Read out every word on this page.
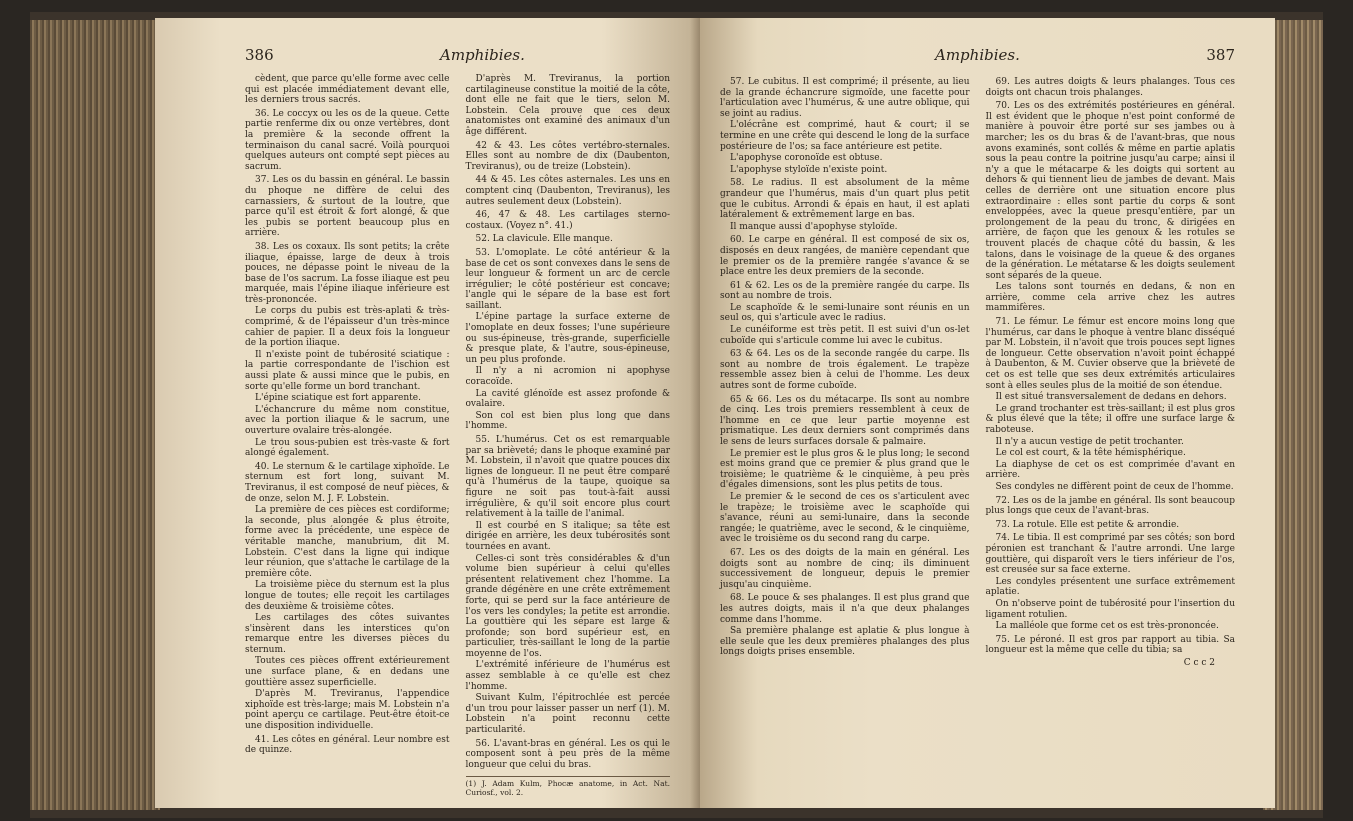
386	Amphibies.

cèdent, que parce qu'elle forme avec celle qui est placée immédiatement devant elle, les derniers trous sacrés.

36. Le coccyx ou les os de la queue. Cette partie renferme dix ou onze vertèbres, dont la première & la seconde offrent la terminaison du canal sacré. Voilà pourquoi quelques auteurs ont compté sept pièces au sacrum.

37. Les os du bassin en général. Le bassin du phoque ne diffère de celui des carnassiers, & surtout de la loutre, que parce qu'il est étroit & fort alongé, & que les pubis se portent beaucoup plus en arrière.

38. Les os coxaux. Ils sont petits; la crête iliaque, épaisse, large de deux à trois pouces, ne dépasse point le niveau de la base de l'os sacrum. La fosse iliaque est peu marquée, mais l'épine iliaque inférieure est très-prononcée.

Le corps du pubis est très-aplati & très-comprimé, & de l'épaisseur d'un très-mince cahier de papier. Il a deux fois la longueur de la portion iliaque.

Il n'existe point de tubérosité sciatique : la partie correspondante de l'ischion est aussi plate & aussi mince que le pubis, en sorte qu'elle forme un bord tranchant.

L'épine sciatique est fort apparente.

L'échancrure du même nom constitue, avec la portion iliaque & le sacrum, une ouverture ovalaire très-alongée.

Le trou sous-pubien est très-vaste & fort alongé également.

40. Le sternum & le cartilage xiphoïde. Le sternum est fort long, suivant M. Treviranus, il est composé de neuf pièces, & de onze, selon M. J. F. Lobstein.

La première de ces pièces est cordiforme; la seconde, plus alongée & plus étroite, forme avec la précédente, une espèce de véritable manche, manubrium, dit M. Lobstein. C'est dans la ligne qui indique leur réunion, que s'attache le cartilage de la première côte.

La troisième pièce du sternum est la plus longue de toutes; elle reçoit les cartilages des deuxième & troisième côtes.

Les cartilages des côtes suivantes s'insèrent dans les interstices qu'on remarque entre les diverses pièces du sternum.

Toutes ces pièces offrent extérieurement une surface plane, & en dedans une gouttière assez superficielle.

D'après M. Treviranus, l'appendice xiphoïde est très-large; mais M. Lobstein n'a point aperçu ce cartilage. Peut-être étoit-ce une disposition individuelle.

41. Les côtes en général. Leur nombre est de quinze.

D'après M. Treviranus, la portion cartilagineuse constitue la moitié de la côte, dont elle ne fait que le tiers, selon M. Lobstein. Cela prouve que ces deux anatomistes ont examiné des animaux d'un âge différent.

42 & 43. Les côtes vertébro-sternales. Elles sont au nombre de dix (Daubenton, Treviranus), ou de treize (Lobstein).

44 & 45. Les côtes asternales. Les uns en comptent cinq (Daubenton, Treviranus), les autres seulement deux (Lobstein).

46, 47 & 48. Les cartilages sterno-costaux. (Voyez n°. 41.)

52. La clavicule. Elle manque.

53. L'omoplate. Le côté antérieur & la base de cet os sont convexes dans le sens de leur longueur & forment un arc de cercle irrégulier; le côté postérieur est concave; l'angle qui le sépare de la base est fort saillant.

L'épine partage la surface externe de l'omoplate en deux fosses; l'une supérieure ou sus-épineuse, très-grande, superficielle & presque plate, & l'autre, sous-épineuse, un peu plus profonde.

Il n'y a ni acromion ni apophyse coracoïde.

La cavité glénoïde est assez profonde & ovalaire.

Son col est bien plus long que dans l'homme.

55. L'humérus. Cet os est remarquable par sa brièveté; dans le phoque examiné par M. Lobstein, il n'avoit que quatre pouces dix lignes de longueur. Il ne peut être comparé qu'à l'humérus de la taupe, quoique sa figure ne soit pas tout-à-fait aussi irrégulière, & qu'il soit encore plus court relativement à la taille de l'animal.

Il est courbé en S italique; sa tête est dirigée en arrière, les deux tubérosités sont tournées en avant.

Celles-ci sont très considérables & d'un volume bien supérieur à celui qu'elles présentent relativement chez l'homme. La grande dégénère en une crête extrêmement forte, qui se perd sur la face antérieure de l'os vers les condyles; la petite est arrondie. La gouttière qui les sépare est large & profonde; son bord supérieur est, en particulier, très-saillant le long de la partie moyenne de l'os.

L'extrémité inférieure de l'humérus est assez semblable à ce qu'elle est chez l'homme.

Suivant Kulm, l'épitrochlée est percée d'un trou pour laisser passer un nerf (1). M. Lobstein n'a point reconnu cette particularité.

56. L'avant-bras en général. Les os qui le composent sont à peu près de la même longueur que celui du bras.

(1) J. Adam Kulm, Phocæ anatome, in Act. Nat. Curiosf., vol. 2.
Amphibies.	387

57. Le cubitus. Il est comprimé; il présente, au lieu de la grande échancrure sigmoïde, une facette pour l'articulation avec l'humérus, & une autre oblique, qui se joint au radius.

L'olécrâne est comprimé, haut & court; il se termine en une crête qui descend le long de la surface postérieure de l'os; sa face antérieure est petite.

L'apophyse coronoïde est obtuse.

L'apophyse styloïde n'existe point.

58. Le radius. Il est absolument de la même grandeur que l'humérus, mais d'un quart plus petit que le cubitus. Arrondi & épais en haut, il est aplati latéralement & extrêmement large en bas.

Il manque aussi d'apophyse styloïde.

60. Le carpe en général. Il est composé de six os, disposés en deux rangées, de manière cependant que le premier os de la première rangée s'avance & se place entre les deux premiers de la seconde.

61 & 62. Les os de la première rangée du carpe. Ils sont au nombre de trois.

Le scaphoïde & le semi-lunaire sont réunis en un seul os, qui s'articule avec le radius.

Le cunéiforme est très petit. Il est suivi d'un os-let cuboïde qui s'articule comme lui avec le cubitus.

63 & 64. Les os de la seconde rangée du carpe. Ils sont au nombre de trois également. Le trapèze ressemble assez bien à celui de l'homme. Les deux autres sont de forme cuboïde.

65 & 66. Les os du métacarpe. Ils sont au nombre de cinq. Les trois premiers ressemblent à ceux de l'homme en ce que leur partie moyenne est prismatique. Les deux derniers sont comprimés dans le sens de leurs surfaces dorsale & palmaire.

Le premier est le plus gros & le plus long; le second est moins grand que ce premier & plus grand que le troisième; le quatrième & le cinquième, à peu près d'égales dimensions, sont les plus petits de tous.

Le premier & le second de ces os s'articulent avec le trapèze; le troisième avec le scaphoïde qui s'avance, réuni au semi-lunaire, dans la seconde rangée; le quatrième, avec le second, & le cinquième, avec le troisième os du second rang du carpe.

67. Les os des doigts de la main en général. Les doigts sont au nombre de cinq; ils diminuent successivement de longueur, depuis le premier jusqu'au cinquième.

68. Le pouce & ses phalanges. Il est plus grand que les autres doigts, mais il n'a que deux phalanges comme dans l'homme.

Sa première phalange est aplatie & plus longue à elle seule que les deux premières phalanges des plus longs doigts prises ensemble.

69. Les autres doigts & leurs phalanges. Tous ces doigts ont chacun trois phalanges.

70. Les os des extrémités postérieures en général. Il est évident que le phoque n'est point conformé de manière à pouvoir être porté sur ses jambes ou à marcher; les os du bras & de l'avant-bras, que nous avons examinés, sont collés & même en partie aplatis sous la peau contre la poitrine jusqu'au carpe; ainsi il n'y a que le métacarpe & les doigts qui sortent au dehors & qui tiennent lieu de jambes de devant. Mais celles de derrière ont une situation encore plus extraordinaire : elles sont partie du corps & sont enveloppées, avec la queue presqu'entière, par un prolongement de la peau du tronc, & dirigées en arrière, de façon que les genoux & les rotules se trouvent placés de chaque côté du bassin, & les talons, dans le voisinage de la queue & des organes de la génération. Le métatarse & les doigts seulement sont séparés de la queue.

Les talons sont tournés en dedans, & non en arrière, comme cela arrive chez les autres mammifères.

71. Le fémur. Le fémur est encore moins long que l'humérus, car dans le phoque à ventre blanc disséqué par M. Lobstein, il n'avoit que trois pouces sept lignes de longueur. Cette observation n'avoit point échappé à Daubenton, & M. Cuvier observe que la brièveté de cet os est telle que ses deux extrémités articulaires sont à elles seules plus de la moitié de son étendue.

Il est situé transversalement de dedans en dehors.

Le grand trochanter est très-saillant; il est plus gros & plus élevé que la tête; il offre une surface large & raboteuse.

Il n'y a aucun vestige de petit trochanter.

Le col est court, & la tête hémisphérique.

La diaphyse de cet os est comprimée d'avant en arrière.

Ses condyles ne diffèrent point de ceux de l'homme.

72. Les os de la jambe en général. Ils sont beaucoup plus longs que ceux de l'avant-bras.

73. La rotule. Elle est petite & arrondie.

74. Le tibia. Il est comprimé par ses côtés; son bord péronien est tranchant & l'autre arrondi. Une large gouttière, qui disparoît vers le tiers inférieur de l'os, est creusée sur sa face externe.

Les condyles présentent une surface extrêmement aplatie.

On n'observe point de tubérosité pour l'insertion du ligament rotulien.

La malléole que forme cet os est très-prononcée.

75. Le péroné. Il est gros par rapport au tibia. Sa longueur est la même que celle du tibia; sa

C c c 2
